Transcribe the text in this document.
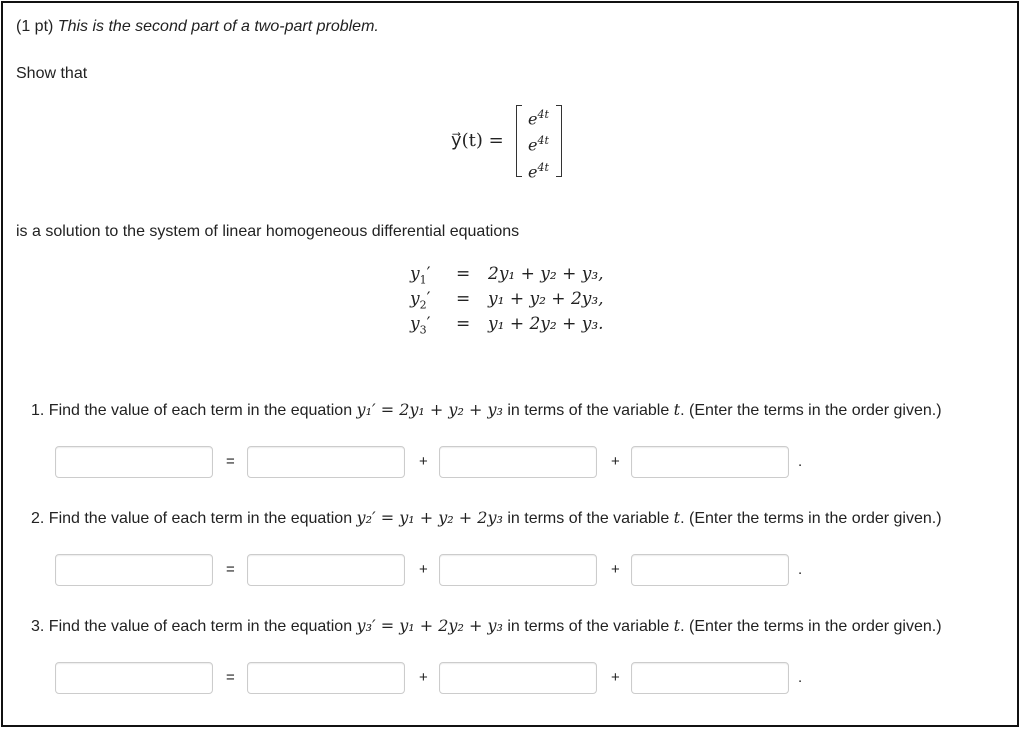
(1 pt) This is the second part of a two-part problem.
Show that
y⃗(t) =
$e^{4t}$
$e^{4t}$
$e^{4t}$
is a solution to the system of linear homogeneous differential equations
$y_1' = 2y_1 + y_2 + y_3$,
$y_2' = y_1 + y_2 + 2y_3$,
$y_3' = y_1 + 2y_2 + y_3$.
1. Find the value of each term in the equation y₁′ = 2y₁ + y₂ + y₃ in terms of the variable t. (Enter the terms in the order given.)
=	+	+	.
2. Find the value of each term in the equation y₂′ = y₁ + y₂ + 2y₃ in terms of the variable t. (Enter the terms in the order given.)
=	+	+	.
3. Find the value of each term in the equation y₃′ = y₁ + 2y₂ + y₃ in terms of the variable t. (Enter the terms in the order given.)
=	+	+	.
